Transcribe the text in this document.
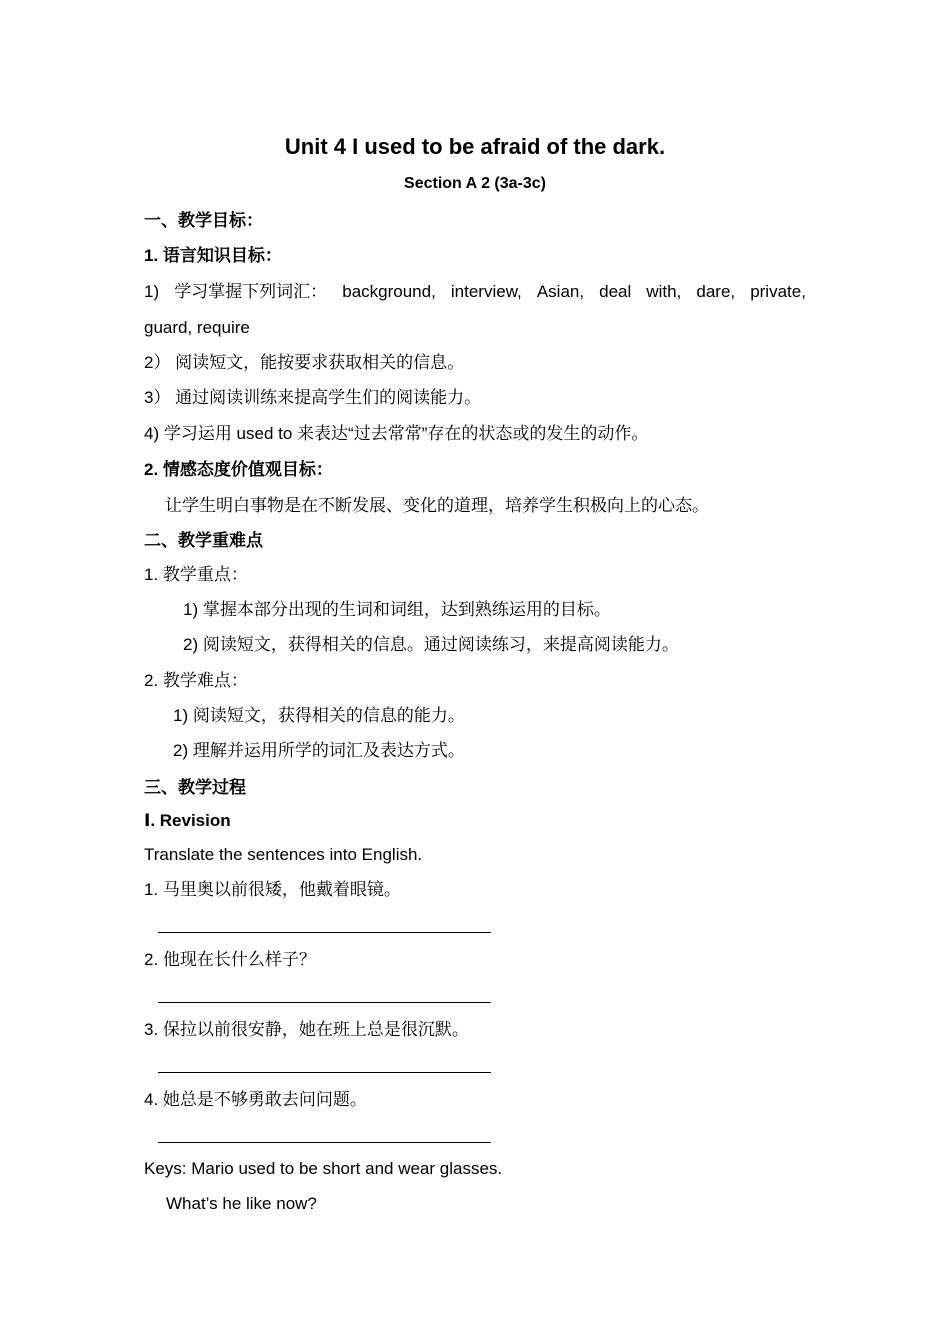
Unit 4 I used to be afraid of the dark.
Section A 2 (3a-3c)
一、教学目标：
1. 语言知识目标：
1) 学习掌握下列词汇： background, interview, Asian, deal with, dare, private,
guard, require
2） 阅读短文，能按要求获取相关的信息。
3） 通过阅读训练来提高学生们的阅读能力。
4) 学习运用 used to 来表达“过去常常”存在的状态或的发生的动作。
2. 情感态度价值观目标：
让学生明白事物是在不断发展、变化的道理，培养学生积极向上的心态。
二、教学重难点
1. 教学重点：
1) 掌握本部分出现的生词和词组，达到熟练运用的目标。
2) 阅读短文，获得相关的信息。通过阅读练习，来提高阅读能力。
2. 教学难点：
1) 阅读短文，获得相关的信息的能力。
2) 理解并运用所学的词汇及表达方式。
三、教学过程
Ⅰ. Revision
Translate the sentences into English.
1. 马里奥以前很矮，他戴着眼镜。
2. 他现在长什么样子？
3. 保拉以前很安静，她在班上总是很沉默。
4. 她总是不够勇敢去问问题。
Keys: Mario used to be short and wear glasses.
What’s he like now?
